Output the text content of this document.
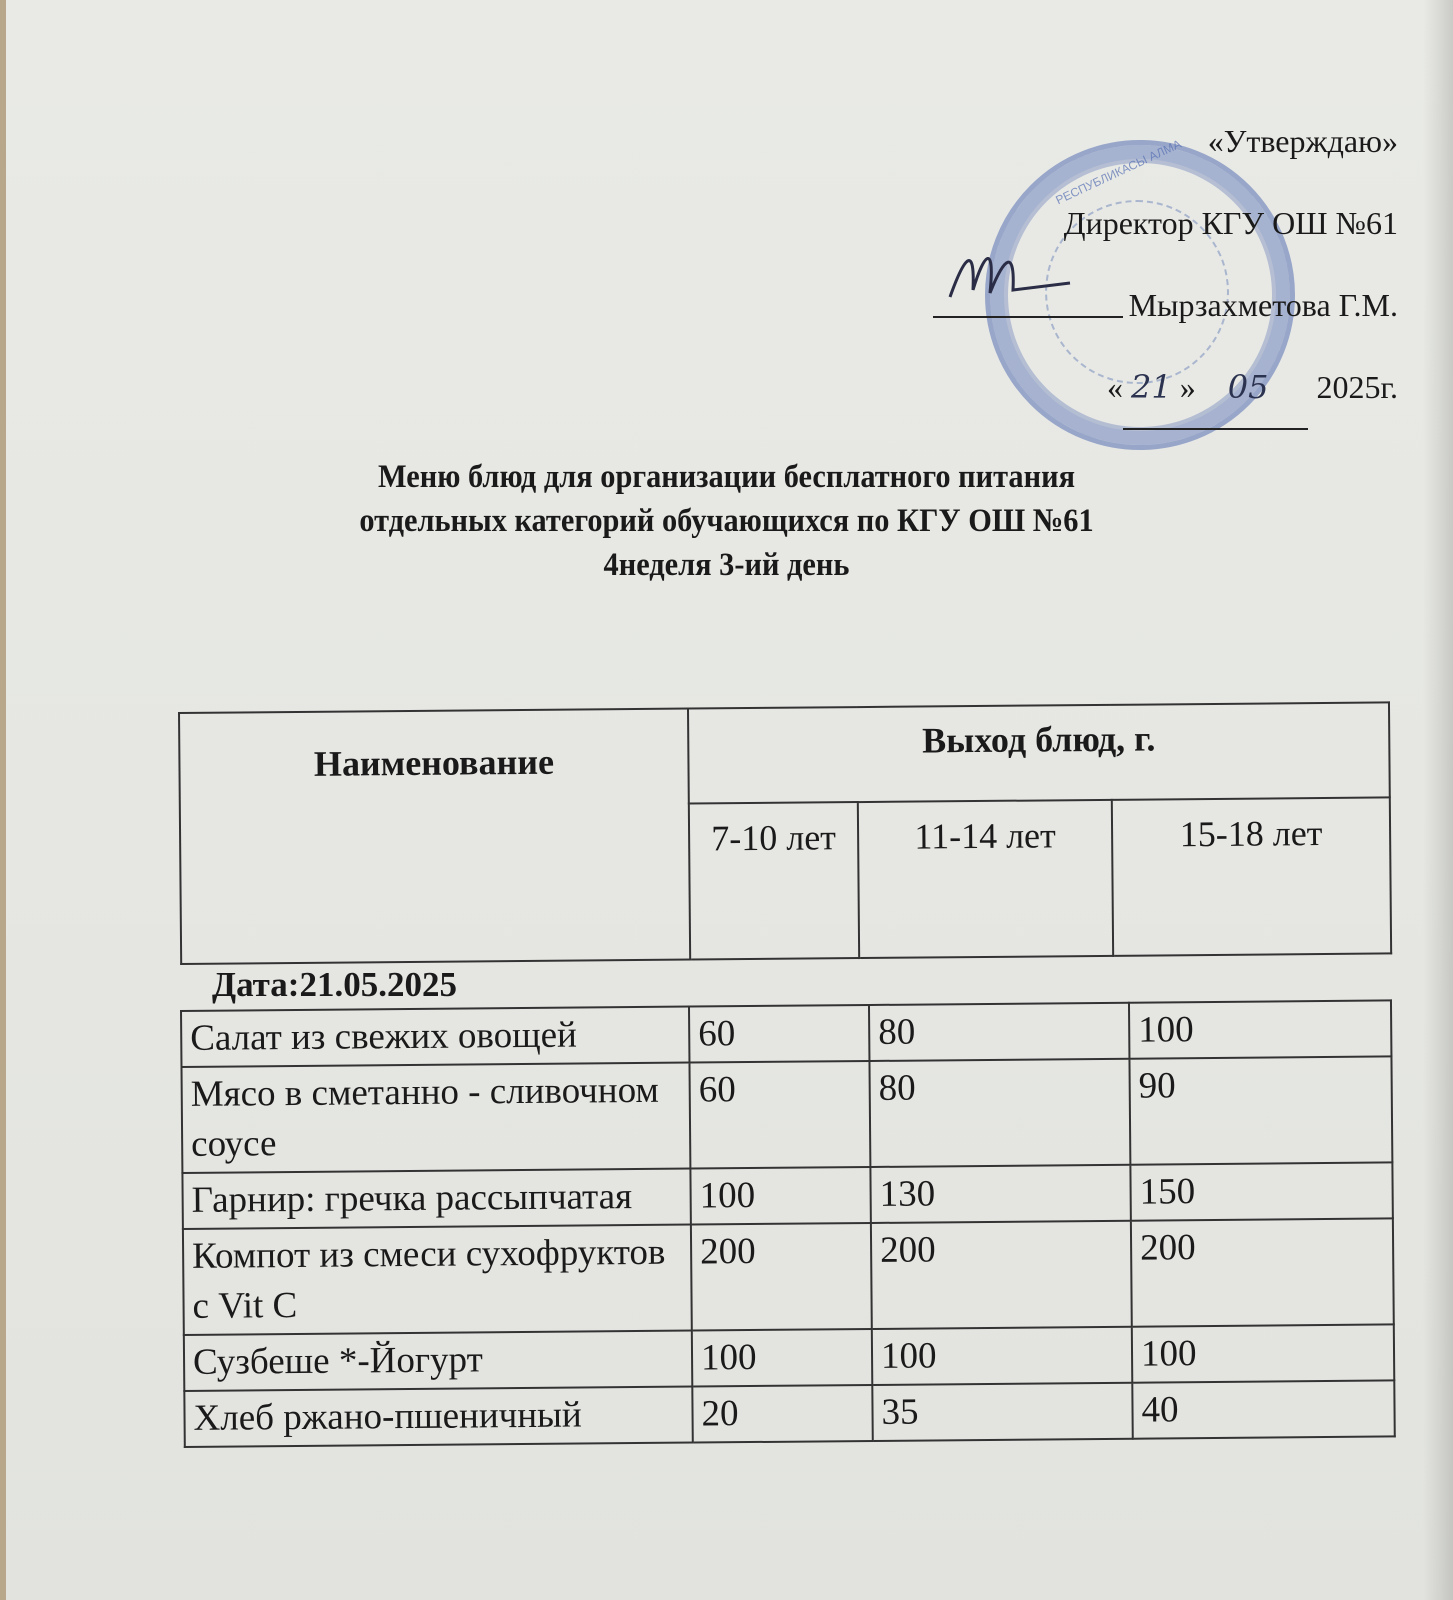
РЕСПУБЛИКАСЫ АЛМА «Утверждаю»
Директор КГУ ОШ №61
Мырзахметова Г.М.
« 21 » 05 2025г.
Меню блюд для организации бесплатного питания
отдельных категорий обучающихся по КГУ ОШ №61
4неделя 3-ий день
Наименование	Выход блюд, г.		
	7-10 лет	11-14 лет	15-18 лет
Дата:21.05.2025
Салат из свежих овощей	60	80	100
Мясо в сметанно - сливочном соусе	60	80	90
Гарнир: гречка рассыпчатая	100	130	150
Компот из смеси сухофруктов с Vit C	200	200	200
Сузбеше *-Йогурт	100	100	100
Хлеб ржано-пшеничный	20	35	40
